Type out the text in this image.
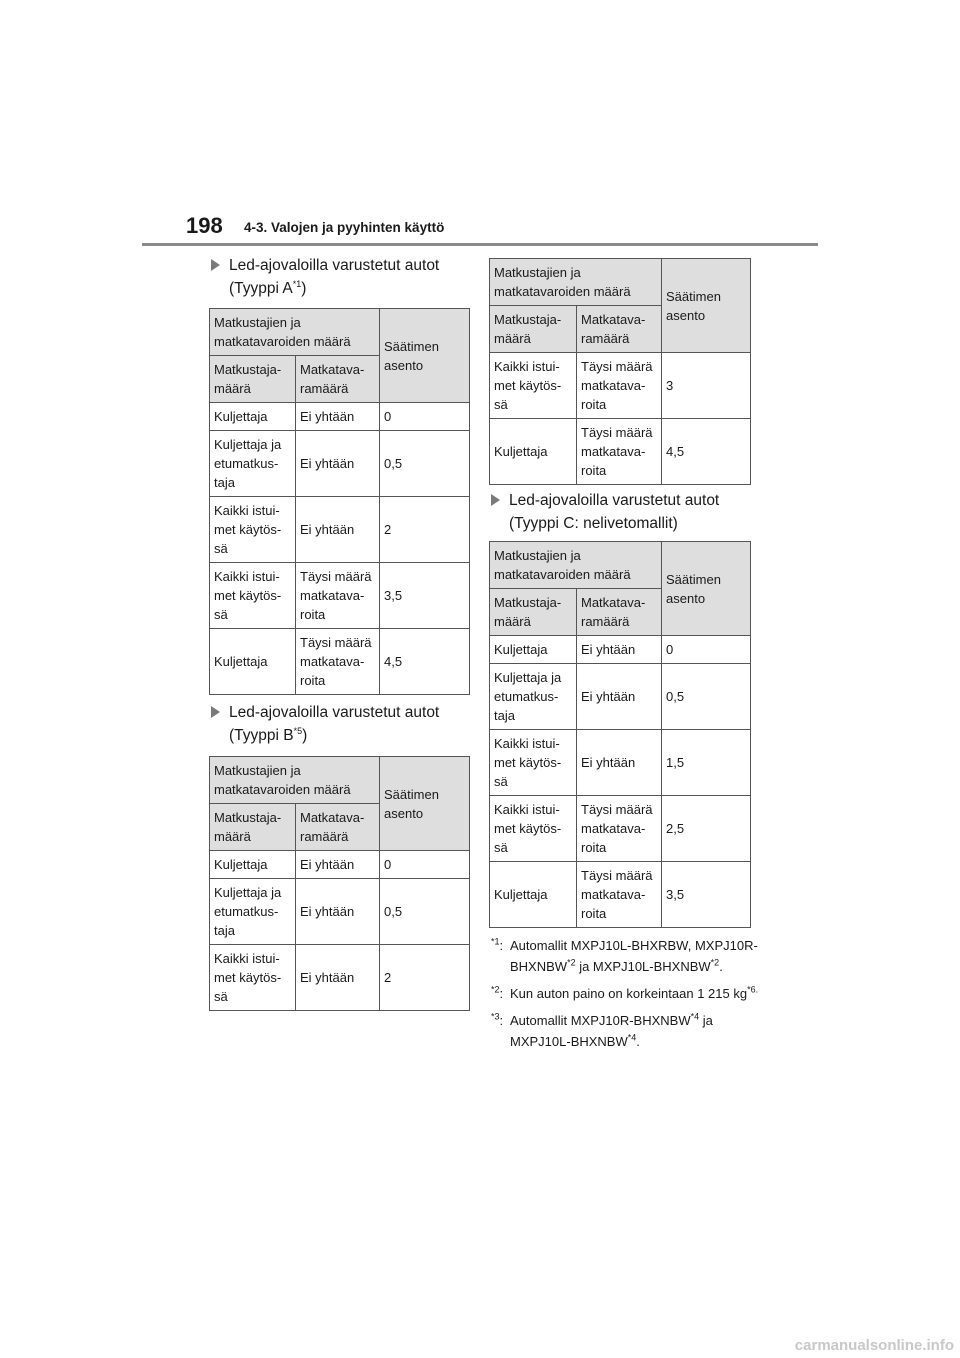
198 4-3. Valojen ja pyyhinten käyttö
Led-ajovaloilla varustetut autot
(Tyyppi $A^{*1}$)
Matkustajien ja matkatavaroiden määrä		Säätimen asento
Matkustaja-määrä	Matkatava-ramäärä	
Kuljettaja	Ei yhtään	0
Kuljettaja ja etumatkus-taja	Ei yhtään	0,5
Kaikki istui-met käytös-sä	Ei yhtään	2
Kaikki istui-met käytös-sä	Täysi määrä matkatava-roita	3,5
Kuljettaja	Täysi määrä matkatava-roita	4,5
Led-ajovaloilla varustetut autot
(Tyyppi $B^{*5}$)
Matkustajien ja matkatavaroiden määrä		Säätimen asento
Matkustaja-määrä	Matkatava-ramäärä	
Kuljettaja	Ei yhtään	0
Kuljettaja ja etumatkus-taja	Ei yhtään	0,5
Kaikki istui-met käytös-sä	Ei yhtään	2
Matkustajien ja matkatavaroiden määrä		Säätimen asento
Matkustaja-määrä	Matkatava-ramäärä	
Kaikki istui-met käytös-sä	Täysi määrä matkatava-roita	3
Kuljettaja	Täysi määrä matkatava-roita	4,5
Led-ajovaloilla varustetut autot
(Tyyppi C: nelivetomallit)
Matkustajien ja matkatavaroiden määrä		Säätimen asento
Matkustaja-määrä	Matkatava-ramäärä	
Kuljettaja	Ei yhtään	0
Kuljettaja ja etumatkus-taja	Ei yhtään	0,5
Kaikki istui-met käytös-sä	Ei yhtään	1,5
Kaikki istui-met käytös-sä	Täysi määrä matkatava-roita	2,5
Kuljettaja	Täysi määrä matkatava-roita	3,5
$^{*1}$: Automallit MXPJ10L-BHXRBW, MXPJ10R-BHXNBW$^{*2}$ ja MXPJ10L-BHXNBW$^{*2}$.
$^{*2}$: Kun auton paino on korkeintaan 1 215 $kg^{*6.}$
$^{*3}$: Automallit MXPJ10R-BHXNBW$^{*4}$ ja MXPJ10L-BHXNBW$^{*4}$.
carmanualsonline.info
